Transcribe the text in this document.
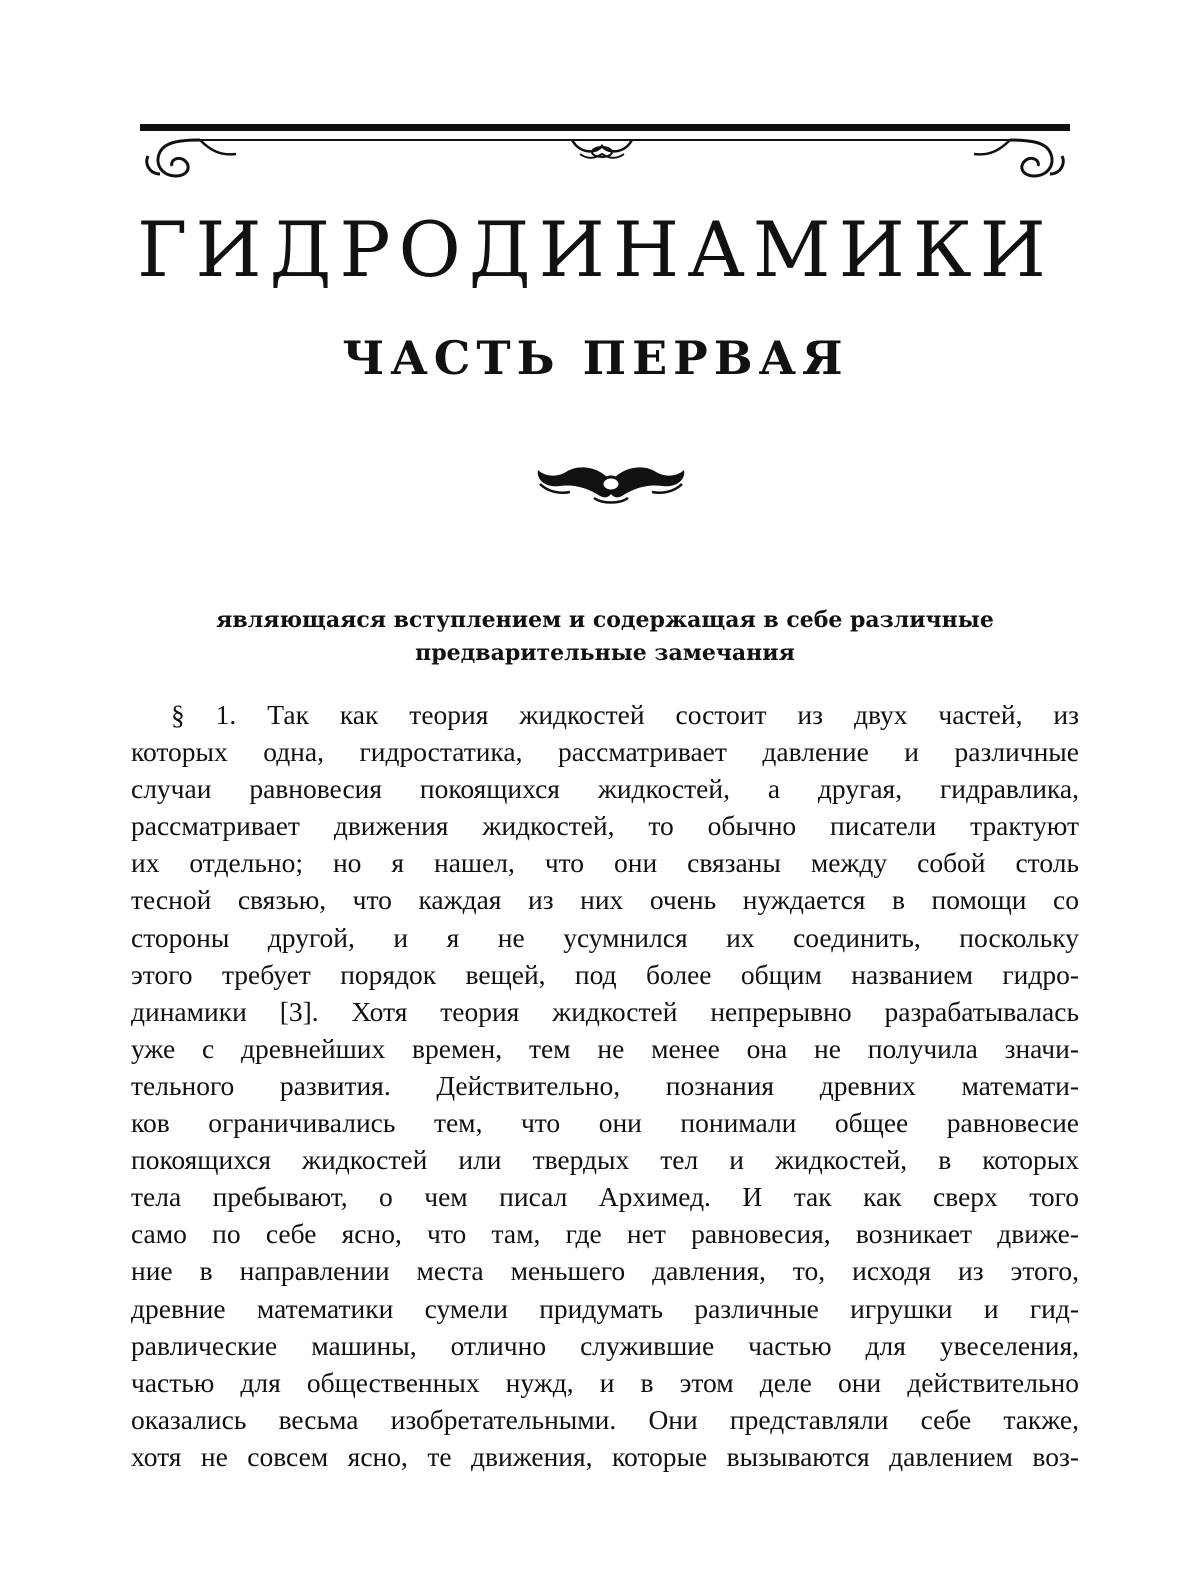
ГИДРОДИНАМИКИ
ЧАСТЬ ПЕРВАЯ

являющаяся вступлением и содержащая в себе различные

предварительные замечания

§ 1. Так как теория жидкостей состоит из двух частей, из
которых одна, гидростатика, рассматривает давление и различные
случаи равновесия покоящихся жидкостей, а другая, гидравлика,
рассматривает движения жидкостей, то обычно писатели трактуют
их отдельно; но я нашел, что они связаны между собой столь
тесной связью, что каждая из них очень нуждается в помощи со
стороны другой, и я не усумнился их соединить, поскольку
этого требует порядок вещей, под более общим названием гидро-
динамики [3]. Хотя теория жидкостей непрерывно разрабатывалась
уже с древнейших времен, тем не менее она не получила значи-
тельного развития. Действительно, познания древних математи-
ков ограничивались тем, что они понимали общее равновесие
покоящихся жидкостей или твердых тел и жидкостей, в которых
тела пребывают, о чем писал Архимед. И так как сверх того
само по себе ясно, что там, где нет равновесия, возникает движе-
ние в направлении места меньшего давления, то, исходя из этого,
древние математики сумели придумать различные игрушки и гид-
равлические машины, отлично служившие частью для увеселения,
частью для общественных нужд, и в этом деле они действительно
оказались весьма изобретательными. Они представляли себе также,
хотя не совсем ясно, те движения, которые вызываются давлением воз-
